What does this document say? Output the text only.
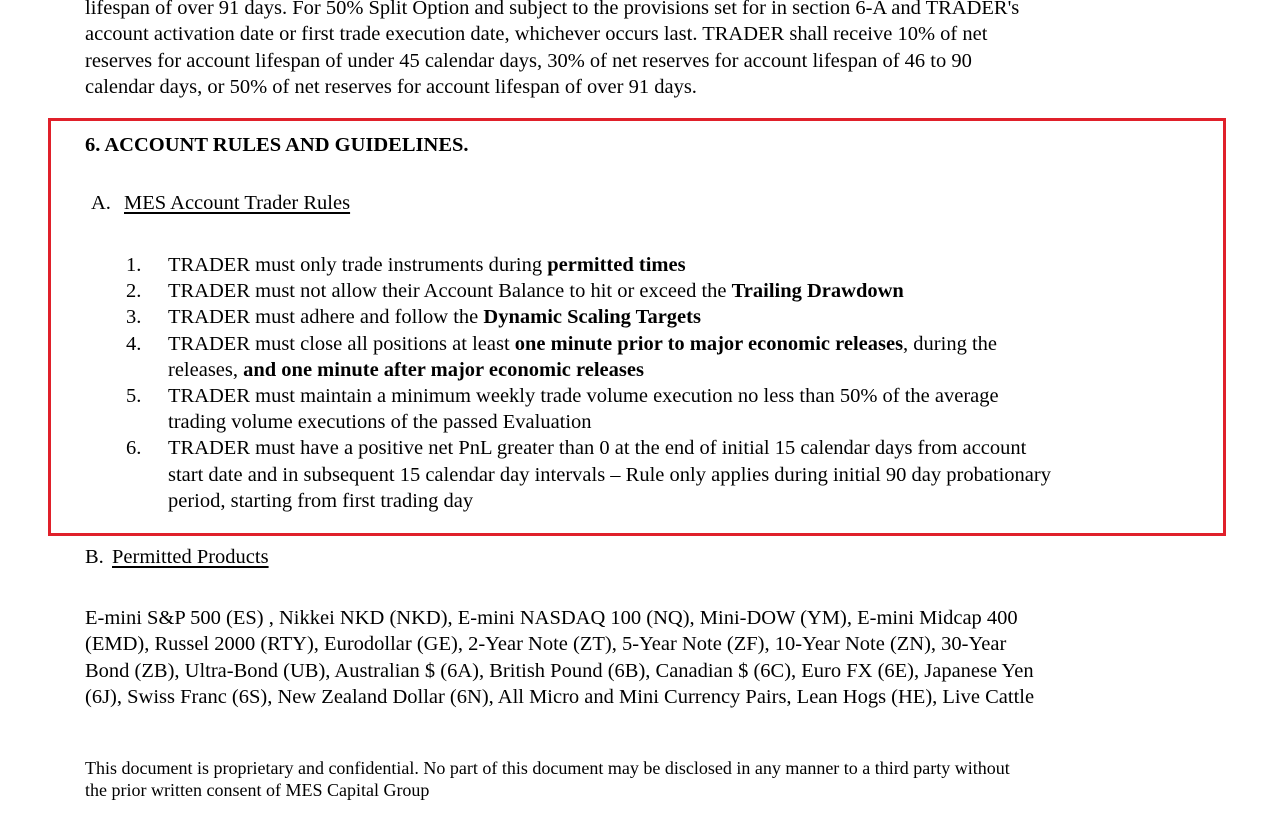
lifespan of over 91 days. For 50% Split Option and subject to the provisions set for in section 6-A and TRADER's
account activation date or first trade execution date, whichever occurs last. TRADER shall receive 10% of net
reserves for account lifespan of under 45 calendar days, 30% of net reserves for account lifespan of 46 to 90
calendar days, or 50% of net reserves for account lifespan of over 91 days.
6. ACCOUNT RULES AND GUIDELINES.
A. MES Account Trader Rules
1. TRADER must only trade instruments during permitted times
2. TRADER must not allow their Account Balance to hit or exceed the Trailing Drawdown
3. TRADER must adhere and follow the Dynamic Scaling Targets
4. TRADER must close all positions at least one minute prior to major economic releases, during the
releases, and one minute after major economic releases
5. TRADER must maintain a minimum weekly trade volume execution no less than 50% of the average
trading volume executions of the passed Evaluation
6. TRADER must have a positive net PnL greater than 0 at the end of initial 15 calendar days from account
start date and in subsequent 15 calendar day intervals – Rule only applies during initial 90 day probationary
period, starting from first trading day
B. Permitted Products
E-mini S&P 500 (ES) , Nikkei NKD (NKD), E-mini NASDAQ 100 (NQ), Mini-DOW (YM), E-mini Midcap 400
(EMD), Russel 2000 (RTY), Eurodollar (GE), 2-Year Note (ZT), 5-Year Note (ZF), 10-Year Note (ZN), 30-Year
Bond (ZB), Ultra-Bond (UB), Australian $ (6A), British Pound (6B), Canadian $ (6C), Euro FX (6E), Japanese Yen
(6J), Swiss Franc (6S), New Zealand Dollar (6N), All Micro and Mini Currency Pairs, Lean Hogs (HE), Live Cattle
This document is proprietary and confidential. No part of this document may be disclosed in any manner to a third party without
the prior written consent of MES Capital Group
